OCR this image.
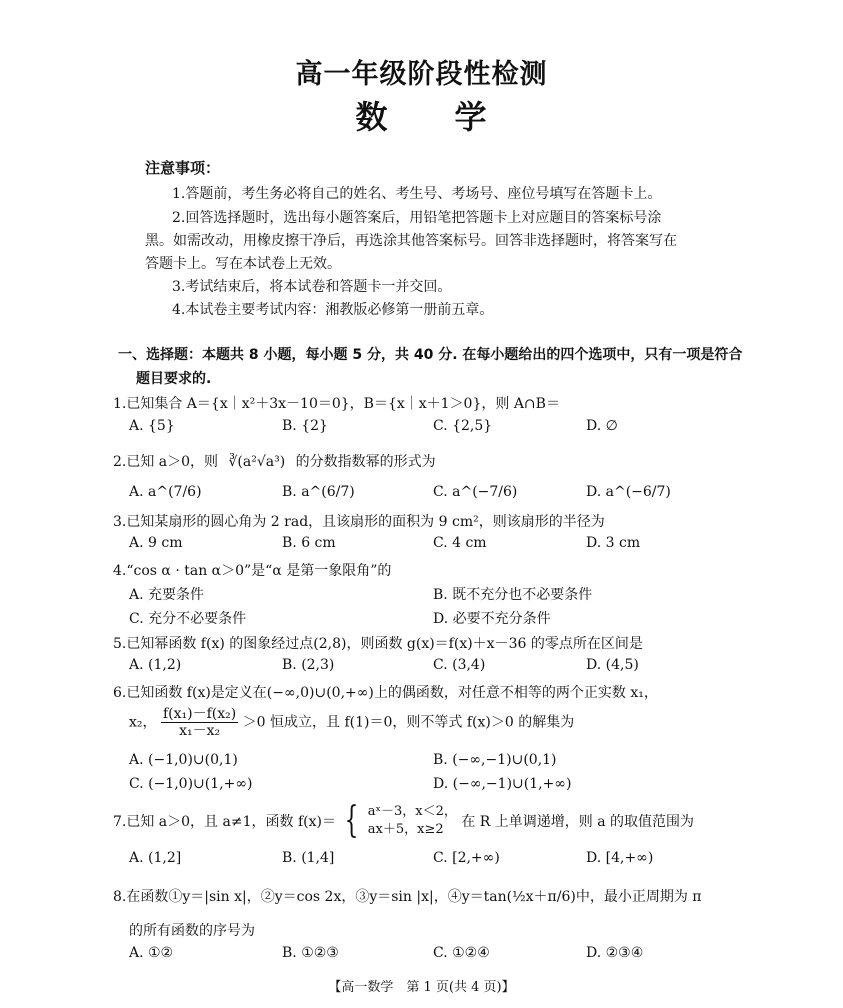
高一年级阶段性检测
数　　学
注意事项：
1.答题前，考生务必将自己的姓名、考生号、考场号、座位号填写在答题卡上。
2.回答选择题时，选出每小题答案后，用铅笔把答题卡上对应题目的答案标号涂
黑。如需改动，用橡皮擦干净后，再选涂其他答案标号。回答非选择题时，将答案写在
答题卡上。写在本试卷上无效。
3.考试结束后，将本试卷和答题卡一并交回。
4.本试卷主要考试内容：湘教版必修第一册前五章。
一、选择题：本题共 8 小题，每小题 5 分，共 40 分. 在每小题给出的四个选项中，只有一项是符合
题目要求的.
1.已知集合 A＝{x｜x²＋3x－10＝0}，B＝{x｜x＋1＞0}，则 A∩B＝
A. {5}	B. {2}	C. {2,5}	D. ∅
2.已知 a＞0，则 ∛(a²√a³) 的分数指数幂的形式为
A. a^(7/6)	B. a^(6/7)	C. a^(−7/6)	D. a^(−6/7)
3.已知某扇形的圆心角为 2 rad，且该扇形的面积为 9 cm²，则该扇形的半径为
A. 9 cm	B. 6 cm	C. 4 cm	D. 3 cm
4.“cos α · tan α＞0”是“α 是第一象限角”的
A. 充要条件	B. 既不充分也不必要条件
C. 充分不必要条件	D. 必要不充分条件
5.已知幂函数 f(x) 的图象经过点(2,8)，则函数 g(x)＝f(x)＋x－36 的零点所在区间是
A. (1,2)	B. (2,3)	C. (3,4)	D. (4,5)
6.已知函数 f(x)是定义在(−∞,0)∪(0,+∞)上的偶函数，对任意不相等的两个正实数 x₁，
x₂， $\frac{\text{f(x₁)－f(x₂)}}{\text{x₁－x₂}} >0$ 恒成立，且 f(1)＝0，则不等式 f(x)＞0 的解集为
A. (−1,0)∪(0,1)	B. (−∞,−1)∪(0,1)
C. (−1,0)∪(1,+∞)	D. (−∞,−1)∪(1,+∞)
7.已知 a＞0，且 a≠1，函数 f(x)＝ { aˣ－3，x＜2，
ax＋5，x≥2	在 R 上单调递增，则 a 的取值范围为
A. (1,2]	B. (1,4]	C. [2,+∞)	D. [4,+∞)
8.在函数①y＝|sin x|，②y＝cos 2x，③y＝sin |x|，④y＝tan(½x＋π/6)中，最小正周期为 π
的所有函数的序号为
A. ①②	B. ①②③	C. ①②④	D. ②③④
【高一数学　第 1 页(共 4 页)】
